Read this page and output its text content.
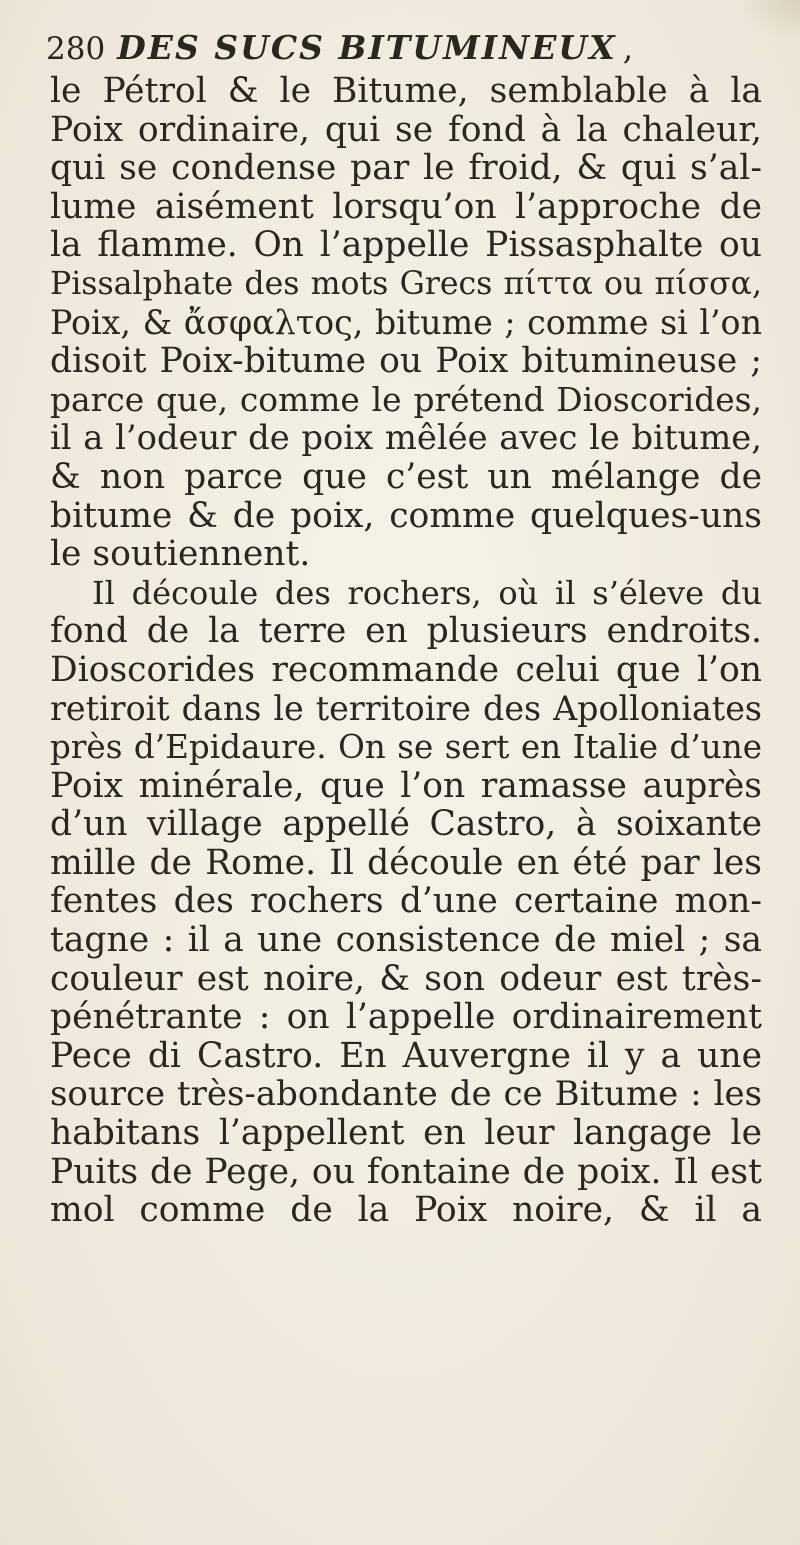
280 DES SUCS BITUMINEUX ,
le Pétrol & le Bitume, semblable à la
Poix ordinaire, qui se fond à la chaleur,
qui se condense par le froid, & qui s’al-
lume aisément lorsqu’on l’approche de
la flamme. On l’appelle Pissasphalte ou
Pissalphate des mots Grecs πίττα ou πίσσα,
Poix, & ἄσφαλτος, bitume ; comme si l’on
disoit Poix-bitume ou Poix bitumineuse ;
parce que, comme le prétend Dioscorides,
il a l’odeur de poix mêlée avec le bitume,
& non parce que c’est un mélange de
bitume & de poix, comme quelques-uns
le soutiennent.
Il découle des rochers, où il s’éleve du
fond de la terre en plusieurs endroits.
Dioscorides recommande celui que l’on
retiroit dans le territoire des Apolloniates
près d’Epidaure. On se sert en Italie d’une
Poix minérale, que l’on ramasse auprès
d’un village appellé Castro, à soixante
mille de Rome. Il découle en été par les
fentes des rochers d’une certaine mon-
tagne : il a une consistence de miel ; sa
couleur est noire, & son odeur est très-
pénétrante : on l’appelle ordinairement
Pece di Castro. En Auvergne il y a une
source très-abondante de ce Bitume : les
habitans l’appellent en leur langage le
Puits de Pege, ou fontaine de poix. Il est
mol comme de la Poix noire, & il a
